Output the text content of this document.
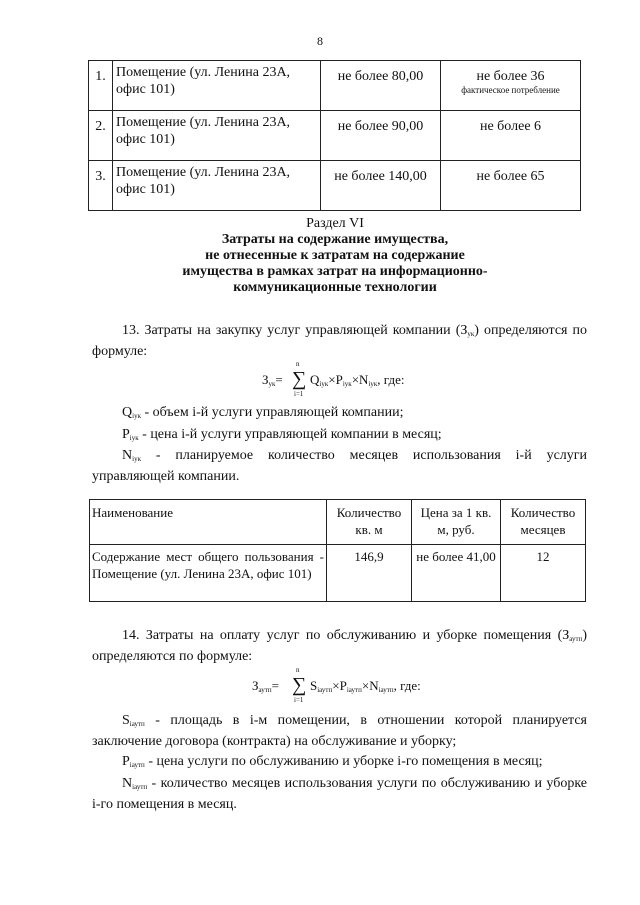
8
1.	Помещение (ул. Ленина 23А, офис 101)	не более 80,00	не более 36
фактическое потребление

2.	Помещение (ул. Ленина 23А, офис 101)	не более 90,00	не более 6
3.	Помещение (ул. Ленина 23А, офис 101)	не более 140,00	не более 65
Раздел VI
Затраты на содержание имущества,
не отнесенные к затратам на содержание
имущества в рамках затрат на информационно-
коммуникационные технологии
13. Затраты на закупку услуг управляющей компании $(З_{ук})$ определяются по формуле:
$З_{ук}=$
n
∑
i=1
$Q_{iук}\times P_{iук}\times N_{iук}$, где:
$Q_{iук}$ - объем i-й услуги управляющей компании;
$P_{iук}$ - цена i-й услуги управляющей компании в месяц;
$N_{iук}$ - планируемое количество месяцев использования i-й услуги управляющей компании.
Наименование	Количество кв. м	Цена за 1 кв. м, руб.	Количество месяцев
Содержание мест общего пользования - Помещение (ул. Ленина 23А, офис 101)	146,9	не более 41,00	12
14. Затраты на оплату услуг по обслуживанию и уборке помещения $(З_{аутп})$ определяются по формуле:
$З_{аутп}=$
n
∑
i=1
$S_{iаутп}\times P_{iаутп}\times N_{iаутп}$, где:
$S_{iаутп}$ - площадь в i-м помещении, в отношении которой планируется заключение договора (контракта) на обслуживание и уборку;
$P_{iаутп}$ - цена услуги по обслуживанию и уборке i-го помещения в месяц;
$N_{iаутп}$ - количество месяцев использования услуги по обслуживанию и уборке i-го помещения в месяц.
